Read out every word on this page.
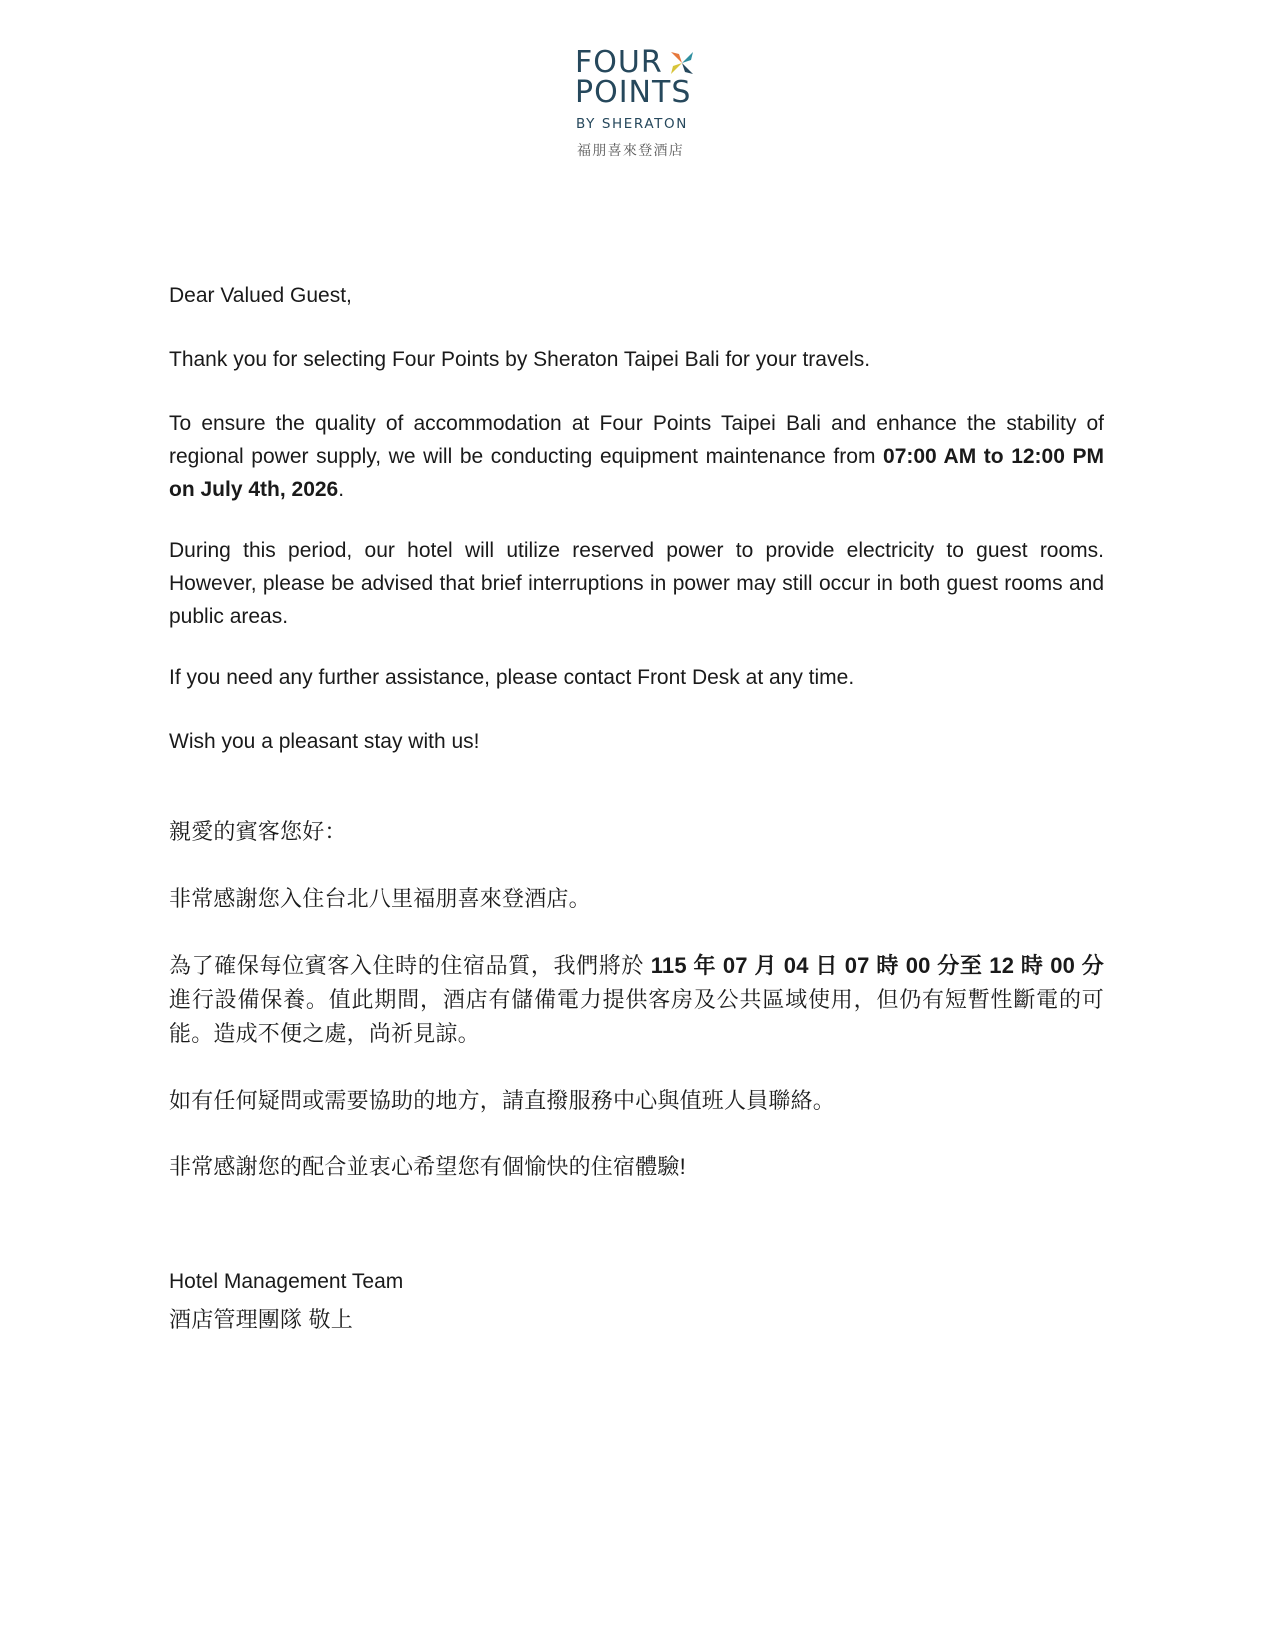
FOUR
POINTS
BY SHERATON
福朋喜來登酒店

Dear Valued Guest,

Thank you for selecting Four Points by Sheraton Taipei Bali for your travels.

To ensure the quality of accommodation at Four Points Taipei Bali and enhance the stability of regional power supply, we will be conducting equipment maintenance from 07:00 AM to 12:00 PM on July 4th, 2026.

During this period, our hotel will utilize reserved power to provide electricity to guest rooms. However, please be advised that brief interruptions in power may still occur in both guest rooms and public areas.

If you need any further assistance, please contact Front Desk at any time.

Wish you a pleasant stay with us!

親愛的賓客您好：

非常感謝您入住台北八里福朋喜來登酒店。

為了確保每位賓客入住時的住宿品質，我們將於 115 年 07 月 04 日 07 時 00 分至 12 時 00 分進行設備保養。值此期間，酒店有儲備電力提供客房及公共區域使用，但仍有短暫性斷電的可能。造成不便之處，尚祈見諒。

如有任何疑問或需要協助的地方，請直撥服務中心與值班人員聯絡。

非常感謝您的配合並衷心希望您有個愉快的住宿體驗!

Hotel Management Team

酒店管理團隊 敬上
